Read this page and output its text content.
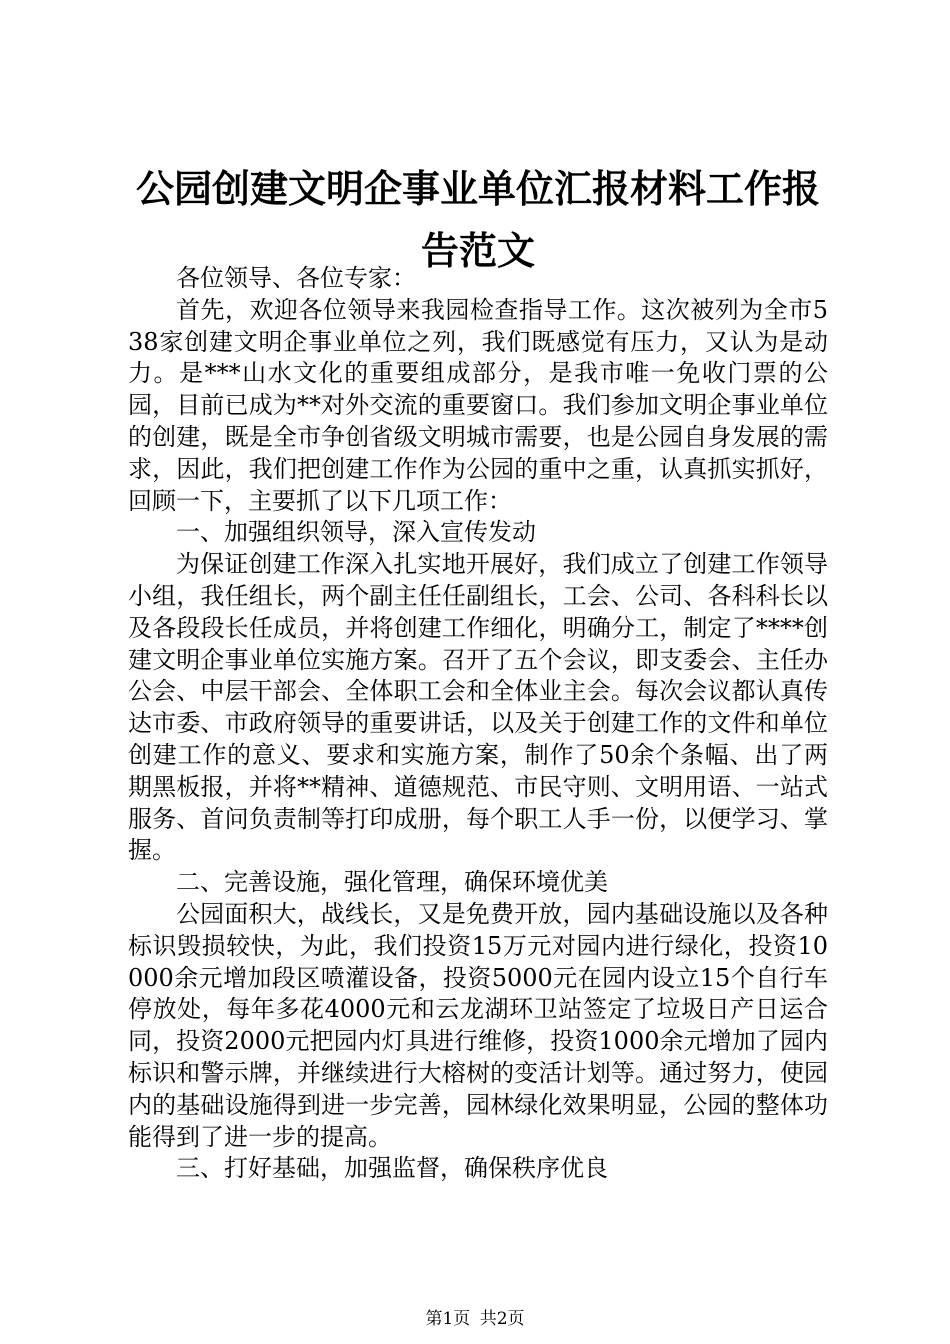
公园创建文明企事业单位汇报材料工作报告范文

各位领导、各位专家：

首先，欢迎各位领导来我园检查指导工作。这次被列为全市538家创建文明企事业单位之列，我们既感觉有压力，又认为是动力。是***山水文化的重要组成部分，是我市唯一免收门票的公园，目前已成为**对外交流的重要窗口。我们参加文明企事业单位的创建，既是全市争创省级文明城市需要，也是公园自身发展的需求，因此，我们把创建工作作为公园的重中之重，认真抓实抓好，回顾一下，主要抓了以下几项工作：

一、加强组织领导，深入宣传发动

为保证创建工作深入扎实地开展好，我们成立了创建工作领导小组，我任组长，两个副主任任副组长，工会、公司、各科科长以及各段段长任成员，并将创建工作细化，明确分工，制定了****创建文明企事业单位实施方案。召开了五个会议，即支委会、主任办公会、中层干部会、全体职工会和全体业主会。每次会议都认真传达市委、市政府领导的重要讲话，以及关于创建工作的文件和单位创建工作的意义、要求和实施方案，制作了50余个条幅、出了两期黑板报，并将**精神、道德规范、市民守则、文明用语、一站式服务、首问负责制等打印成册，每个职工人手一份，以便学习、掌握。

二、完善设施，强化管理，确保环境优美

公园面积大，战线长，又是免费开放，园内基础设施以及各种标识毁损较快，为此，我们投资15万元对园内进行绿化，投资10000余元增加段区喷灌设备，投资5000元在园内设立15个自行车停放处，每年多花4000元和云龙湖环卫站签定了垃圾日产日运合同，投资2000元把园内灯具进行维修，投资1000余元增加了园内标识和警示牌，并继续进行大榕树的变活计划等。通过努力，使园内的基础设施得到进一步完善，园林绿化效果明显，公园的整体功能得到了进一步的提高。

三、打好基础，加强监督，确保秩序优良

第1页 共2页
